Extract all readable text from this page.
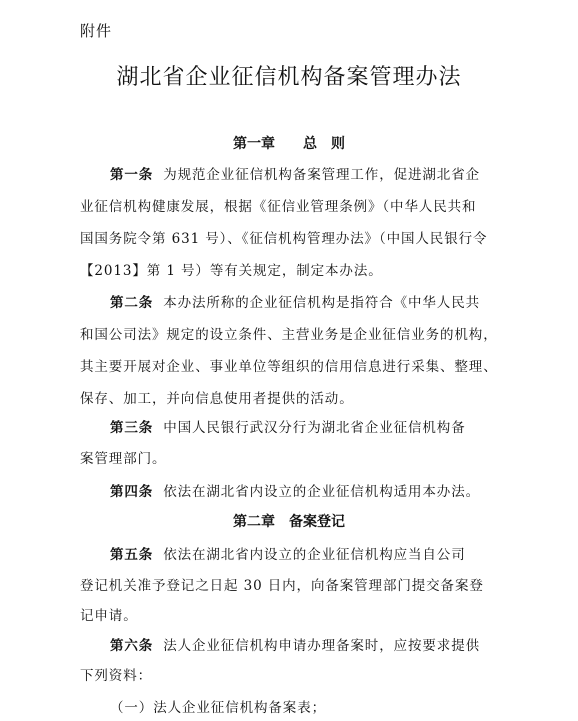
附件
湖北省企业征信机构备案管理办法
第一章 总　则
第一条 为规范企业征信机构备案管理工作，促进湖北省企
业征信机构健康发展，根据《征信业管理条例》（中华人民共和
国国务院令第 631 号）、《征信机构管理办法》（中国人民银行令
【2013】第 1 号）等有关规定，制定本办法。
第二条 本办法所称的企业征信机构是指符合《中华人民共
和国公司法》规定的设立条件、主营业务是企业征信业务的机构，
其主要开展对企业、事业单位等组织的信用信息进行采集、整理、
保存、加工，并向信息使用者提供的活动。
第三条 中国人民银行武汉分行为湖北省企业征信机构备
案管理部门。
第四条 依法在湖北省内设立的企业征信机构适用本办法。
第二章 备案登记
第五条 依法在湖北省内设立的企业征信机构应当自公司
登记机关准予登记之日起 30 日内，向备案管理部门提交备案登
记申请。
第六条 法人企业征信机构申请办理备案时，应按要求提供
下列资料：
（一）法人企业征信机构备案表；
